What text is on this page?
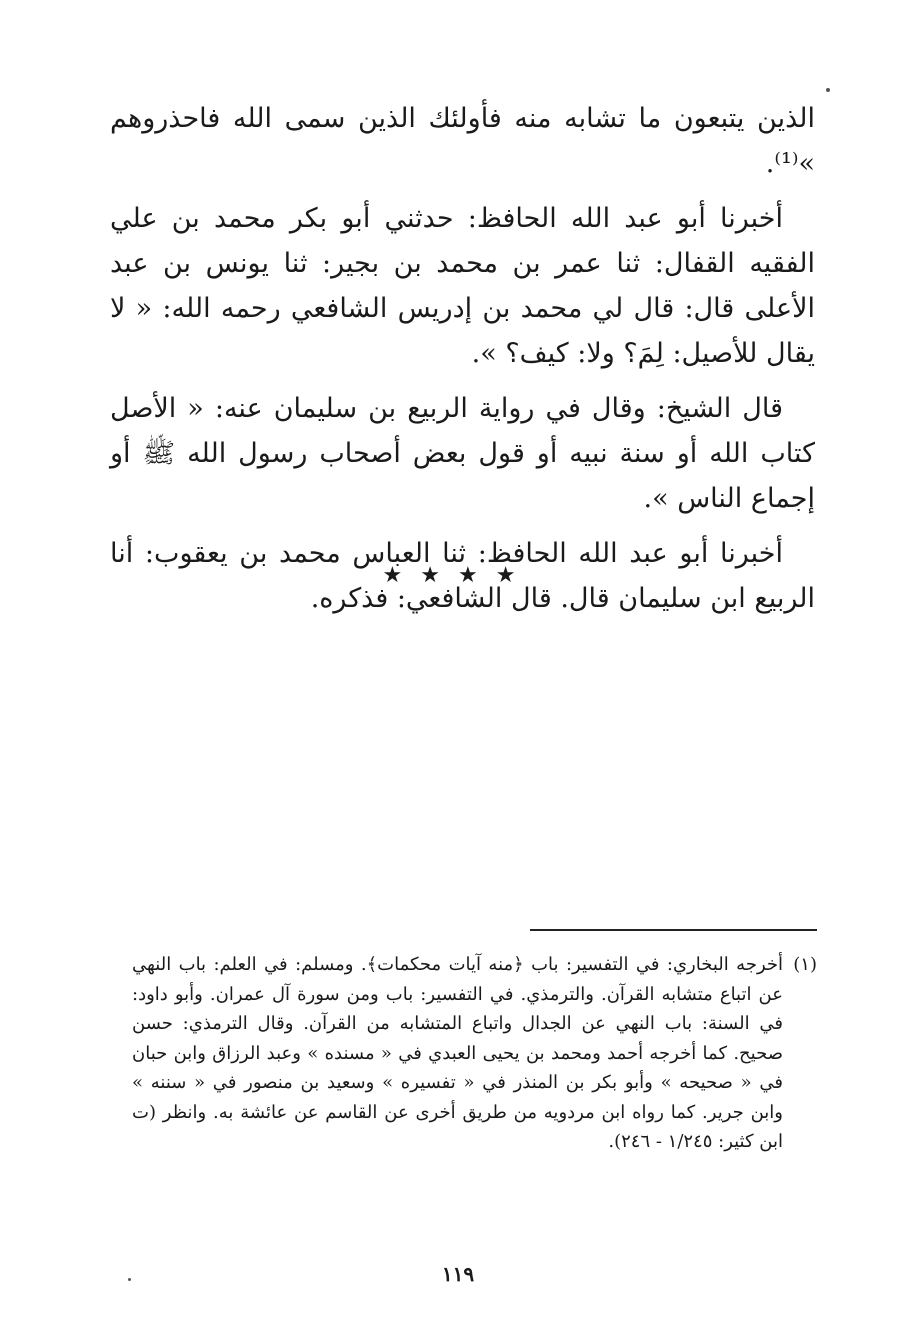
الذين يتبعون ما تشابه منه فأولئك الذين سمى الله فاحذروهم »⁽¹⁾.

أخبرنا أبو عبد الله الحافظ: حدثني أبو بكر محمد بن علي الفقيه القفال: ثنا عمر بن محمد بن بجير: ثنا يونس بن عبد الأعلى قال: قال لي محمد بن إدريس الشافعي رحمه الله: « لا يقال للأصيل: لِمَ؟ ولا: كيف؟ ».

قال الشيخ: وقال في رواية الربيع بن سليمان عنه: « الأصل كتاب الله أو سنة نبيه أو قول بعض أصحاب رسول الله ﷺ أو إجماع الناس ».

أخبرنا أبو عبد الله الحافظ: ثنا العباس محمد بن يعقوب: أنا الربيع ابن سليمان قال. قال الشافعي: فذكره.

★★★★
(١)
أخرجه البخاري: في التفسير: باب ﴿منه آيات محكمات﴾. ومسلم: في العلم: باب النهي عن اتباع متشابه القرآن. والترمذي. في التفسير: باب ومن سورة آل عمران. وأبو داود: في السنة: باب النهي عن الجدال واتباع المتشابه من القرآن. وقال الترمذي: حسن صحيح. كما أخرجه أحمد ومحمد بن يحيى العبدي في « مسنده » وعبد الرزاق وابن حبان في « صحيحه » وأبو بكر بن المنذر في « تفسيره » وسعيد بن منصور في « سننه » وابن جرير. كما رواه ابن مردويه من طريق أخرى عن القاسم عن عائشة به. وانظر (ت ابن كثير: ١/٢٤٥ - ٢٤٦).
١١٩
